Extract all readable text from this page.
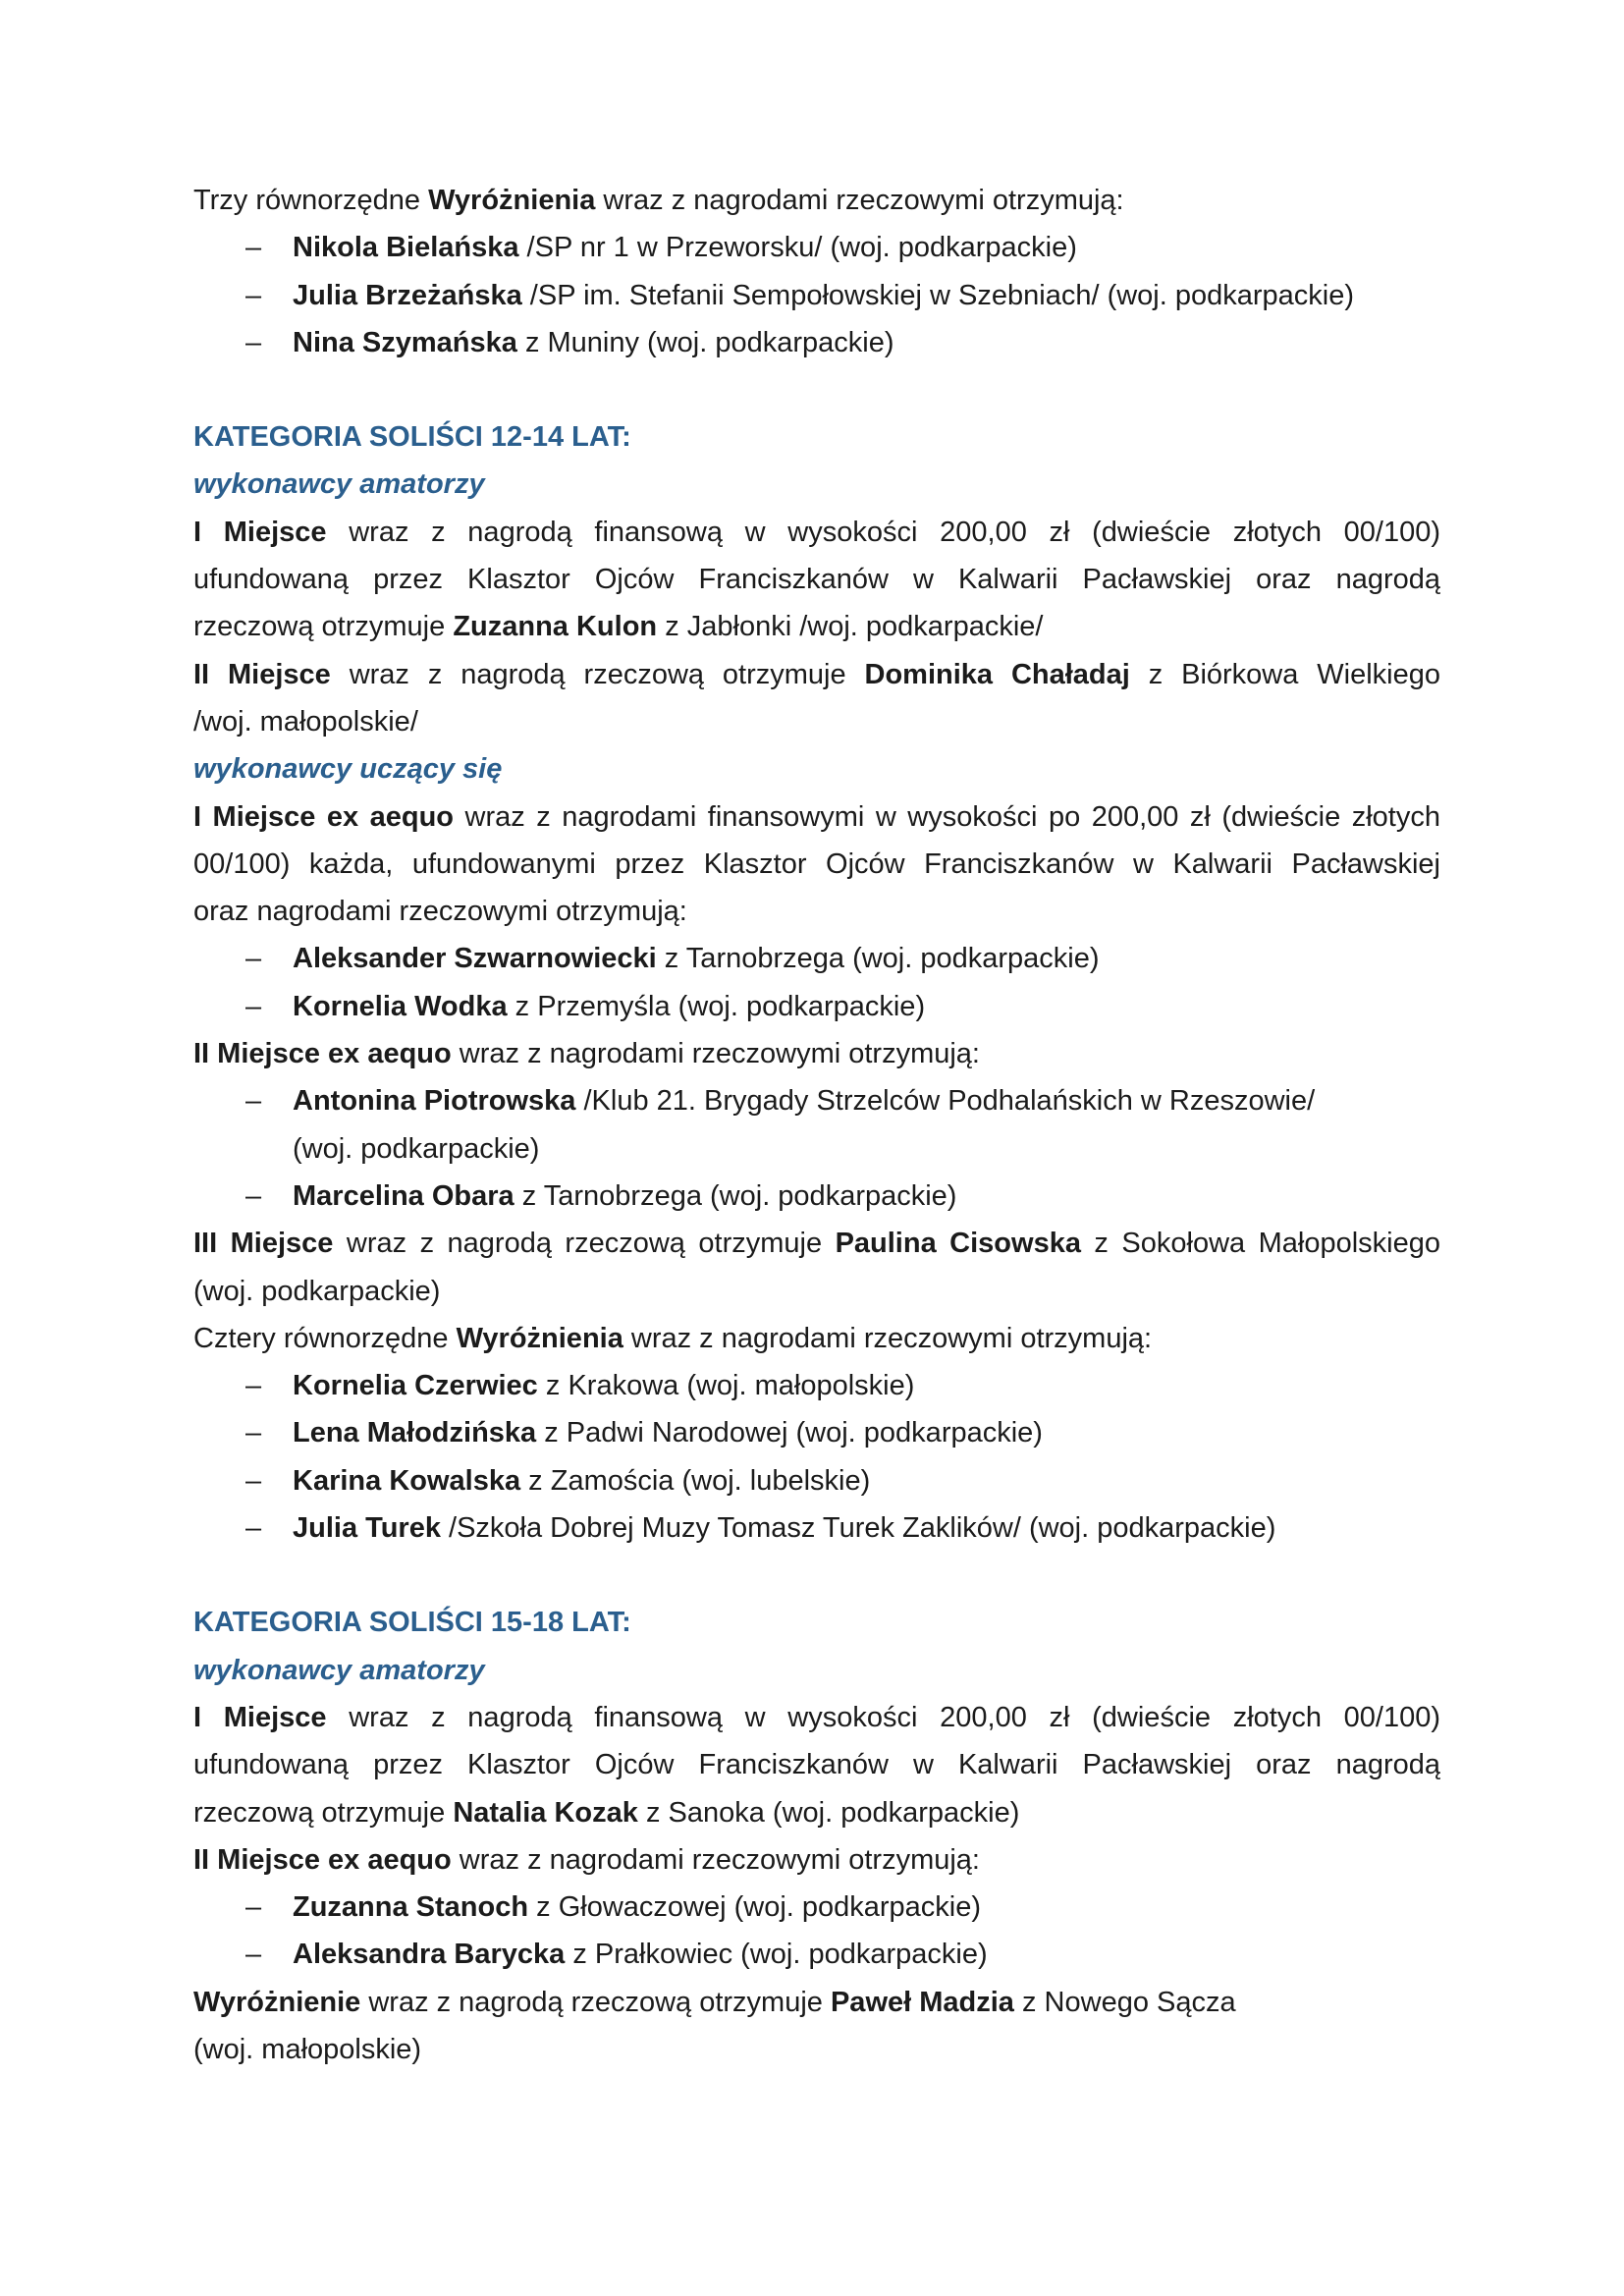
Trzy równorzędne Wyróżnienia wraz z nagrodami rzeczowymi otrzymują:

– Nikola Bielańska /SP nr 1 w Przeworsku/ (woj. podkarpackie)
– Julia Brzeżańska /SP im. Stefanii Sempołowskiej w Szebniach/ (woj. podkarpackie)
– Nina Szymańska z Muniny (woj. podkarpackie)

KATEGORIA SOLIŚCI 12-14 LAT:

wykonawcy amatorzy

I Miejsce wraz z nagrodą finansową w wysokości 200,00 zł (dwieście złotych 00/100)

ufundowaną przez Klasztor Ojców Franciszkanów w Kalwarii Pacławskiej oraz nagrodą

rzeczową otrzymuje Zuzanna Kulon z Jabłonki /woj. podkarpackie/

II Miejsce wraz z nagrodą rzeczową otrzymuje Dominika Chaładaj z Biórkowa Wielkiego

/woj. małopolskie/

wykonawcy uczący się

I Miejsce ex aequo wraz z nagrodami finansowymi w wysokości po 200,00 zł (dwieście złotych

00/100) każda, ufundowanymi przez Klasztor Ojców Franciszkanów w Kalwarii Pacławskiej

oraz nagrodami rzeczowymi otrzymują:

– Aleksander Szwarnowiecki z Tarnobrzega (woj. podkarpackie)
– Kornelia Wodka z Przemyśla (woj. podkarpackie)

II Miejsce ex aequo wraz z nagrodami rzeczowymi otrzymują:

– Antonina Piotrowska /Klub 21. Brygady Strzelców Podhalańskich w Rzeszowie/
(woj. podkarpackie)
– Marcelina Obara z Tarnobrzega (woj. podkarpackie)

III Miejsce wraz z nagrodą rzeczową otrzymuje Paulina Cisowska z Sokołowa Małopolskiego

(woj. podkarpackie)

Cztery równorzędne Wyróżnienia wraz z nagrodami rzeczowymi otrzymują:

– Kornelia Czerwiec z Krakowa (woj. małopolskie)
– Lena Małodzińska z Padwi Narodowej (woj. podkarpackie)
– Karina Kowalska z Zamościa (woj. lubelskie)
– Julia Turek /Szkoła Dobrej Muzy Tomasz Turek Zaklików/ (woj. podkarpackie)

KATEGORIA SOLIŚCI 15-18 LAT:

wykonawcy amatorzy

I Miejsce wraz z nagrodą finansową w wysokości 200,00 zł (dwieście złotych 00/100)

ufundowaną przez Klasztor Ojców Franciszkanów w Kalwarii Pacławskiej oraz nagrodą

rzeczową otrzymuje Natalia Kozak z Sanoka (woj. podkarpackie)

II Miejsce ex aequo wraz z nagrodami rzeczowymi otrzymują:

– Zuzanna Stanoch z Głowaczowej (woj. podkarpackie)
– Aleksandra Barycka z Prałkowiec (woj. podkarpackie)

Wyróżnienie wraz z nagrodą rzeczową otrzymuje Paweł Madzia z Nowego Sącza

(woj. małopolskie)
